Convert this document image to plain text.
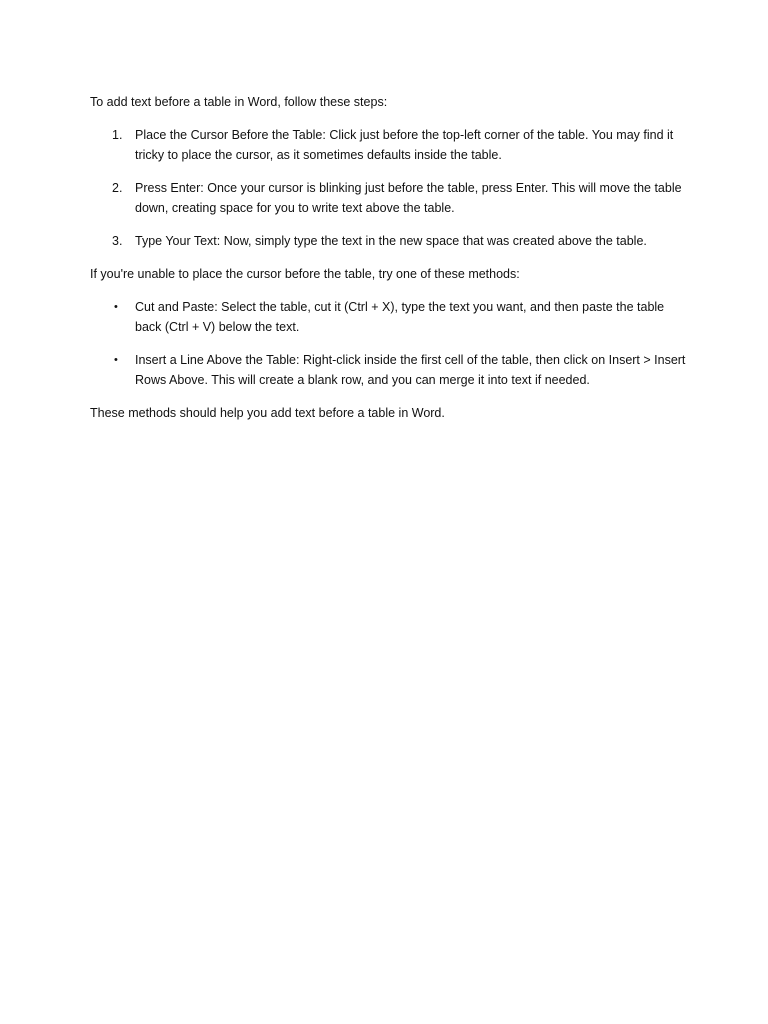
To add text before a table in Word, follow these steps:

1.	Place the Cursor Before the Table: Click just before the top-left corner of the table. You may find it tricky to place the cursor, as it sometimes defaults inside the table.
2.	Press Enter: Once your cursor is blinking just before the table, press Enter. This will move the table down, creating space for you to write text above the table.
3.	Type Your Text: Now, simply type the text in the new space that was created above the table.

If you're unable to place the cursor before the table, try one of these methods:

•	Cut and Paste: Select the table, cut it (Ctrl + X), type the text you want, and then paste the table back (Ctrl + V) below the text.
•	Insert a Line Above the Table: Right-click inside the first cell of the table, then click on Insert > Insert Rows Above. This will create a blank row, and you can merge it into text if needed.

These methods should help you add text before a table in Word.
